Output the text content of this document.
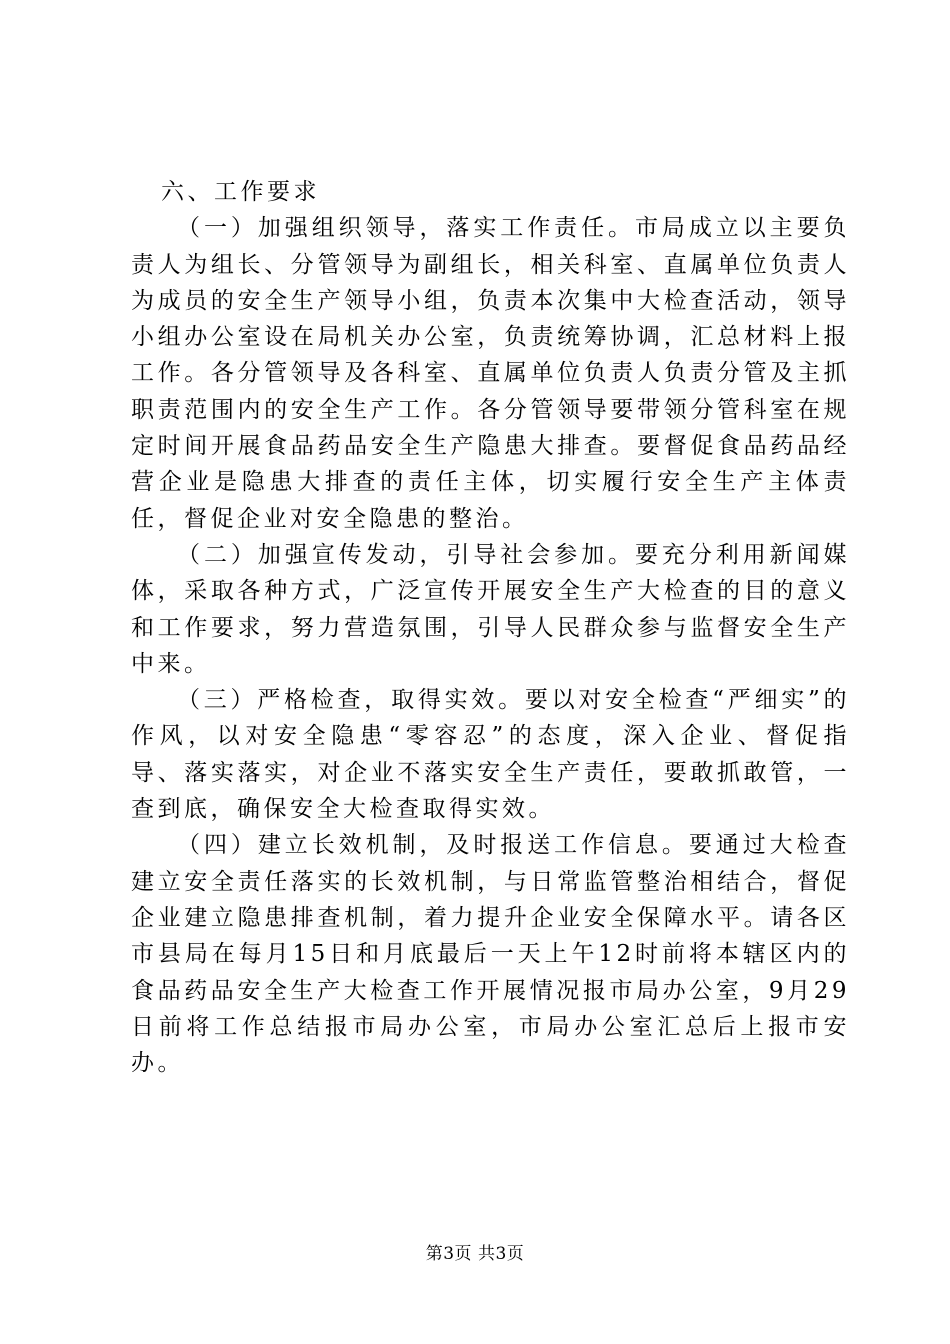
六、工作要求

（一）加强组织领导，落实工作责任。市局成立以主要负责人为组长、分管领导为副组长，相关科室、直属单位负责人为成员的安全生产领导小组，负责本次集中大检查活动，领导小组办公室设在局机关办公室，负责统筹协调，汇总材料上报工作。各分管领导及各科室、直属单位负责人负责分管及主抓职责范围内的安全生产工作。各分管领导要带领分管科室在规定时间开展食品药品安全生产隐患大排查。要督促食品药品经营企业是隐患大排查的责任主体，切实履行安全生产主体责任，督促企业对安全隐患的整治。

（二）加强宣传发动，引导社会参加。要充分利用新闻媒体，采取各种方式，广泛宣传开展安全生产大检查的目的意义和工作要求，努力营造氛围，引导人民群众参与监督安全生产中来。

（三）严格检查，取得实效。要以对安全检查“严细实”的作风，以对安全隐患“零容忍”的态度，深入企业、督促指导、落实落实，对企业不落实安全生产责任，要敢抓敢管，一查到底，确保安全大检查取得实效。

（四）建立长效机制，及时报送工作信息。要通过大检查建立安全责任落实的长效机制，与日常监管整治相结合，督促企业建立隐患排查机制，着力提升企业安全保障水平。请各区市县局在每月15日和月底最后一天上午12时前将本辖区内的食品药品安全生产大检查工作开展情况报市局办公室，9月29日前将工作总结报市局办公室，市局办公室汇总后上报市安办。

第3页 共3页
